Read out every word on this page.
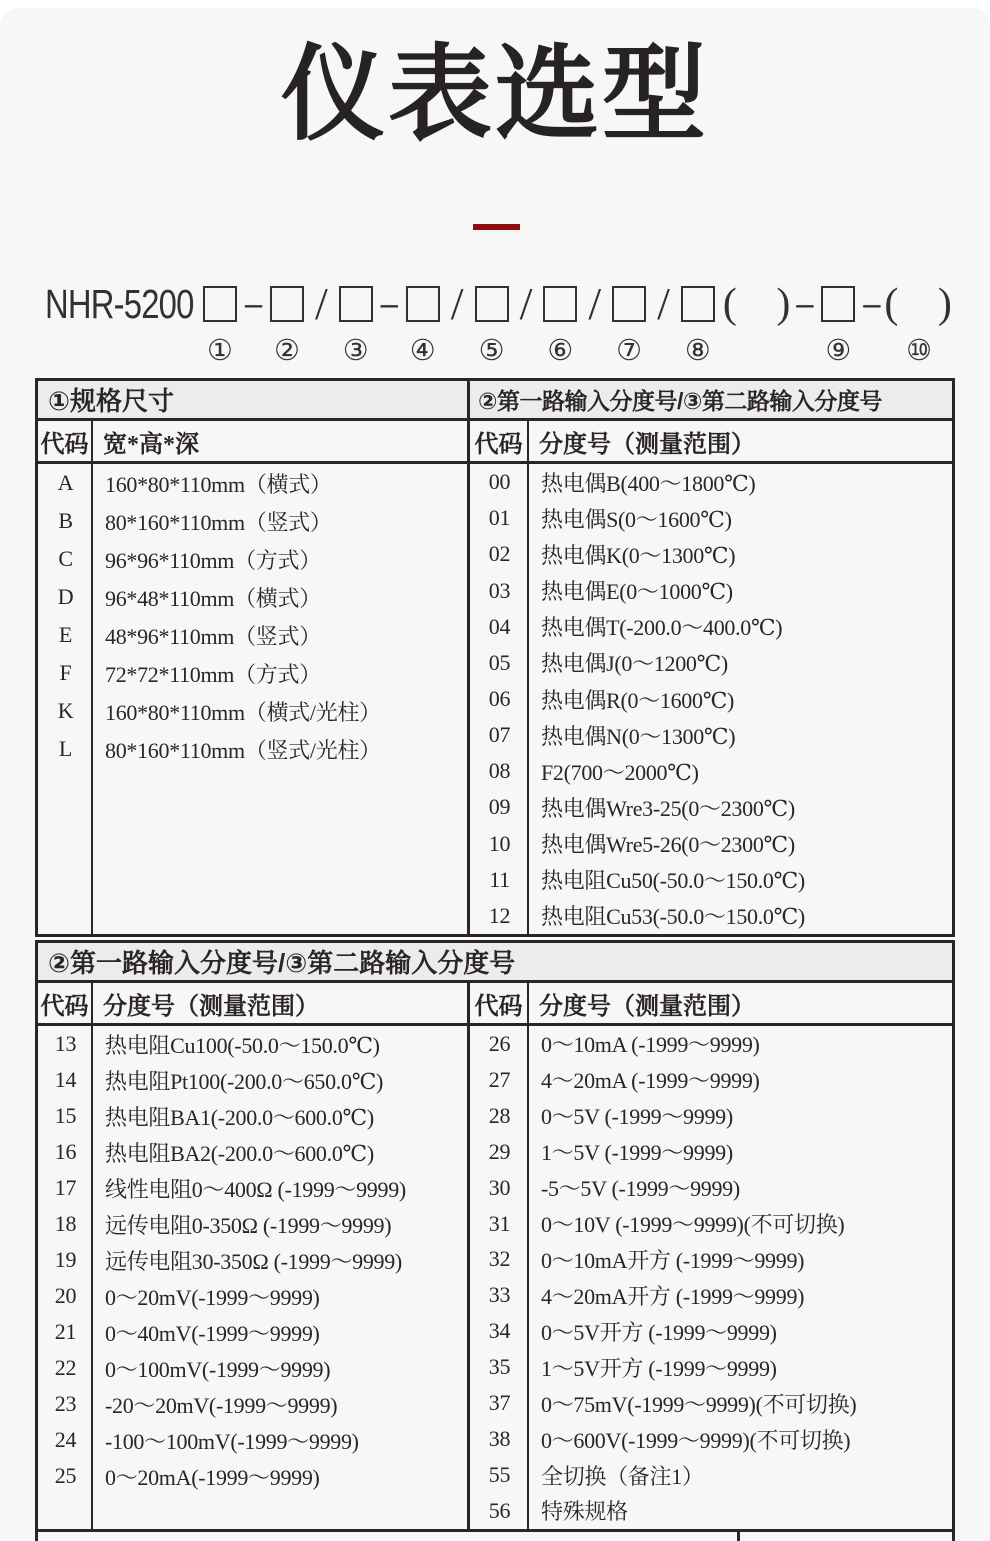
仪表选型
NHR-5200
①
–
②
/
③
–
④
/
⑤
/
⑥
/
⑦
/
⑧
(   ) –
⑨
– (   )
⑩
①规格尺寸
代码 宽*高*深
A	160*80*110mm（横式）
B	80*160*110mm（竖式）
C	96*96*110mm（方式）
D	96*48*110mm（横式）
E	48*96*110mm（竖式）
F	72*72*110mm（方式）
K	160*80*110mm（横式/光柱）
L	80*160*110mm（竖式/光柱）
②第一路输入分度号/③第二路输入分度号
代码 分度号（测量范围）
00	热电偶B(400～1800℃)
01	热电偶S(0～1600℃)
02	热电偶K(0～1300℃)
03	热电偶E(0～1000℃)
04	热电偶T(-200.0～400.0℃)
05	热电偶J(0～1200℃)
06	热电偶R(0～1600℃)
07	热电偶N(0～1300℃)
08	F2(700～2000℃)
09	热电偶Wre3-25(0～2300℃)
10	热电偶Wre5-26(0～2300℃)
11	热电阻Cu50(-50.0～150.0℃)
12	热电阻Cu53(-50.0～150.0℃)
②第一路输入分度号/③第二路输入分度号
代码 分度号（测量范围）
13	热电阻Cu100(-50.0～150.0℃)
14	热电阻Pt100(-200.0～650.0℃)
15	热电阻BA1(-200.0～600.0℃)
16	热电阻BA2(-200.0～600.0℃)
17	线性电阻0～400Ω (-1999～9999)
18	远传电阻0-350Ω (-1999～9999)
19	远传电阻30-350Ω (-1999～9999)
20	0～20mV(-1999～9999)
21	0～40mV(-1999～9999)
22	0～100mV(-1999～9999)
23	-20～20mV(-1999～9999)
24	-100～100mV(-1999～9999)
25	0～20mA(-1999～9999)
代码 分度号（测量范围）
26	0～10mA (-1999～9999)
27	4～20mA (-1999～9999)
28	0～5V (-1999～9999)
29	1～5V (-1999～9999)
30	-5～5V (-1999～9999)
31	0～10V (-1999～9999)(不可切换)
32	0～10mA开方 (-1999～9999)
33	4～20mA开方 (-1999～9999)
34	0～5V开方 (-1999～9999)
35	1～5V开方 (-1999～9999)
37	0～75mV(-1999～9999)(不可切换)
38	0～600V(-1999～9999)(不可切换)
55	全切换（备注1）
56	特殊规格
